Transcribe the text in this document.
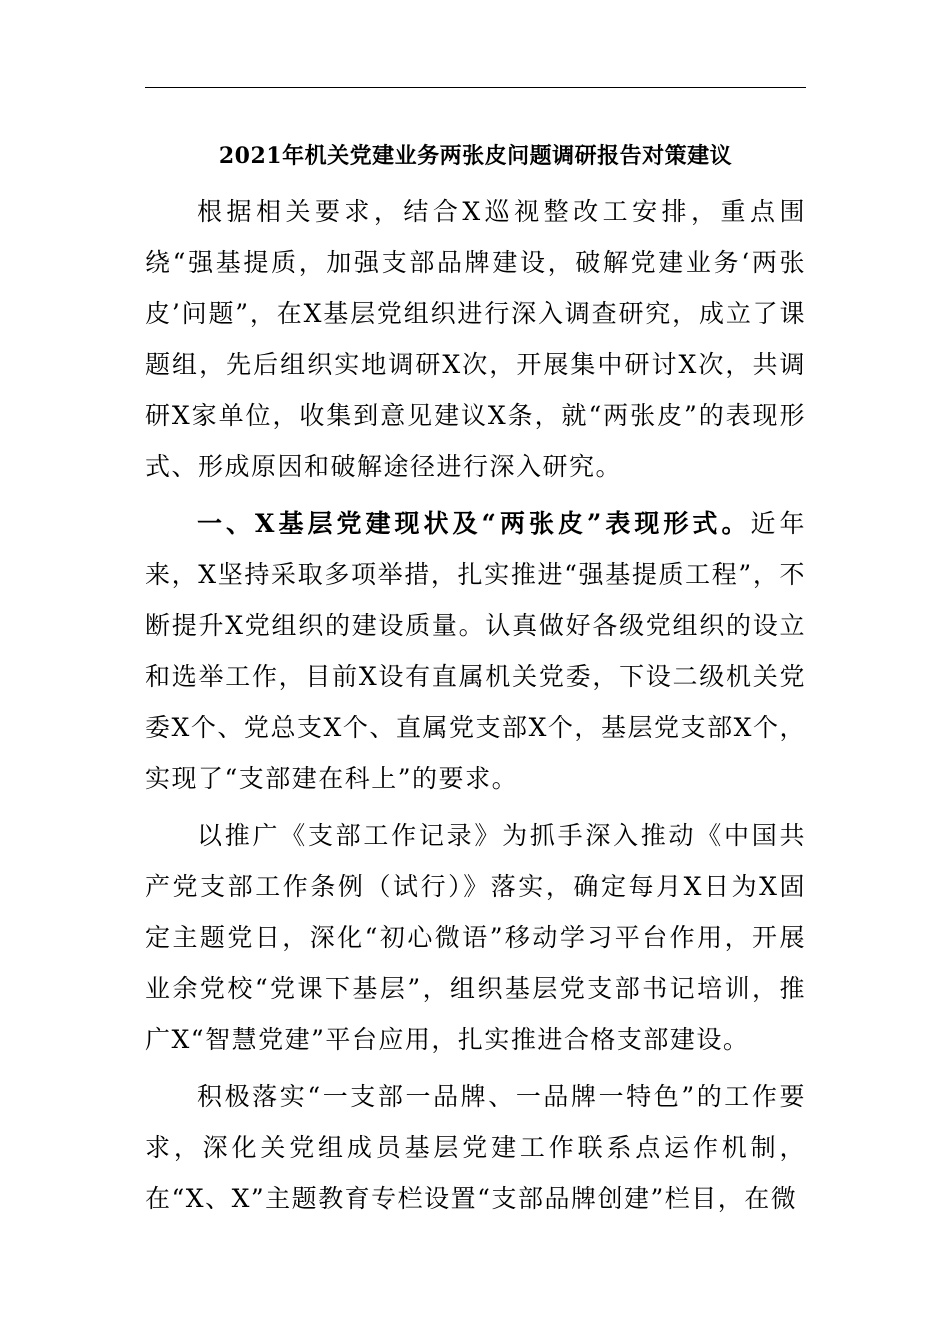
2021年机关党建业务两张皮问题调研报告对策建议

根据相关要求，结合X巡视整改工安排，重点围绕“强基提质，加强支部品牌建设，破解党建业务‘两张皮’问题”，在X基层党组织进行深入调查研究，成立了课题组，先后组织实地调研X次，开展集中研讨X次，共调研X家单位，收集到意见建议X条，就“两张皮”的表现形式、形成原因和破解途径进行深入研究。

一、X基层党建现状及“两张皮”表现形式。近年来，X坚持采取多项举措，扎实推进“强基提质工程”，不断提升X党组织的建设质量。认真做好各级党组织的设立和选举工作，目前X设有直属机关党委，下设二级机关党委X个、党总支X个、直属党支部X个，基层党支部X个，实现了“支部建在科上”的要求。

以推广《支部工作记录》为抓手深入推动《中国共产党支部工作条例（试行）》落实，确定每月X日为X固定主题党日，深化“初心微语”移动学习平台作用，开展业余党校“党课下基层”，组织基层党支部书记培训，推广X“智慧党建”平台应用，扎实推进合格支部建设。

积极落实“一支部一品牌、一品牌一特色”的工作要求，深化关党组成员基层党建工作联系点运作机制，在“X、X”主题教育专栏设置“支部品牌创建”栏目，在微
